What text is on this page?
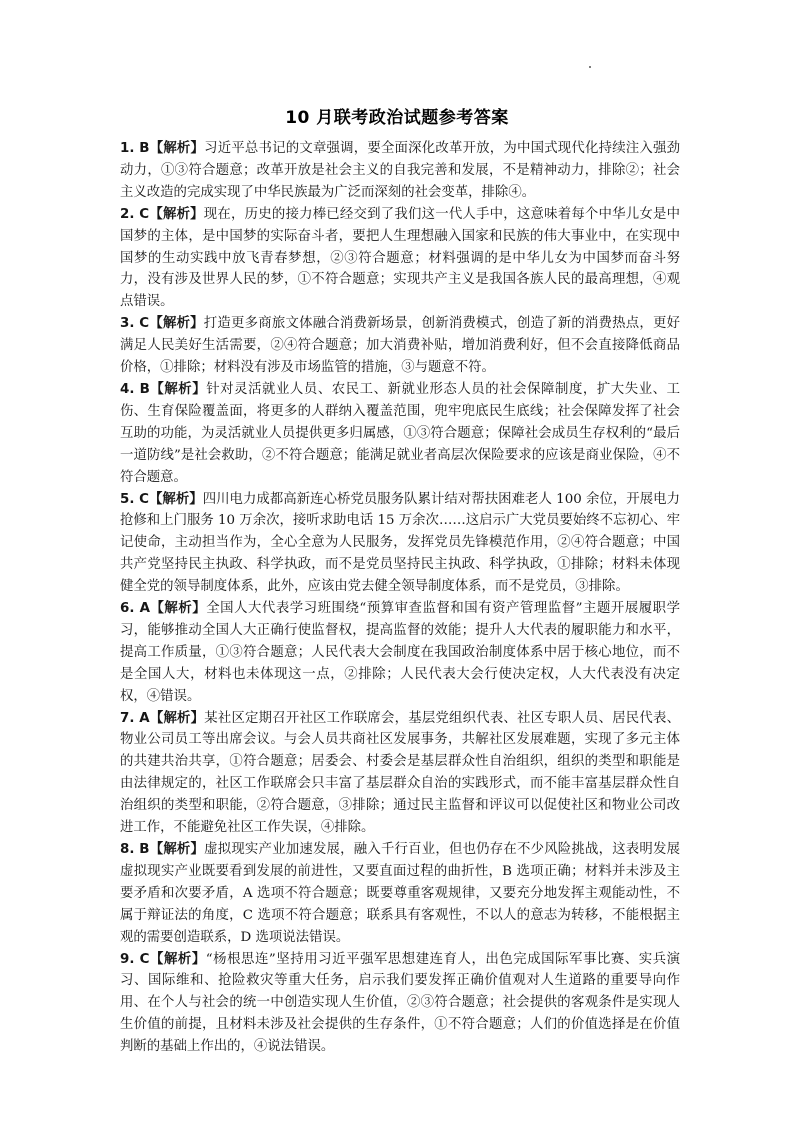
10 月联考政治试题参考答案

1. B【解析】习近平总书记的文章强调，要全面深化改革开放，为中国式现代化持续注入强劲动力，①③符合题意；改革开放是社会主义的自我完善和发展，不是精神动力，排除②；社会主义改造的完成实现了中华民族最为广泛而深刻的社会变革，排除④。

2. C【解析】现在，历史的接力棒已经交到了我们这一代人手中，这意味着每个中华儿女是中国梦的主体，是中国梦的实际奋斗者，要把人生理想融入国家和民族的伟大事业中，在实现中国梦的生动实践中放飞青春梦想，②③符合题意；材料强调的是中华儿女为中国梦而奋斗努力，没有涉及世界人民的梦，①不符合题意；实现共产主义是我国各族人民的最高理想，④观点错误。

3. C【解析】打造更多商旅文体融合消费新场景，创新消费模式，创造了新的消费热点，更好满足人民美好生活需要，②④符合题意；加大消费补贴，增加消费利好，但不会直接降低商品价格，①排除；材料没有涉及市场监管的措施，③与题意不符。

4. B【解析】针对灵活就业人员、农民工、新就业形态人员的社会保障制度，扩大失业、工伤、生育保险覆盖面，将更多的人群纳入覆盖范围，兜牢兜底民生底线；社会保障发挥了社会互助的功能，为灵活就业人员提供更多归属感，①③符合题意；保障社会成员生存权利的“最后一道防线”是社会救助，②不符合题意；能满足就业者高层次保险要求的应该是商业保险，④不符合题意。

5. C【解析】四川电力成都高新连心桥党员服务队累计结对帮扶困难老人 100 余位，开展电力抢修和上门服务 10 万余次，接听求助电话 15 万余次……这启示广大党员要始终不忘初心、牢记使命，主动担当作为，全心全意为人民服务，发挥党员先锋模范作用，②④符合题意；中国共产党坚持民主执政、科学执政，而不是党员坚持民主执政、科学执政，①排除；材料未体现健全党的领导制度体系，此外，应该由党去健全领导制度体系，而不是党员，③排除。

6. A【解析】全国人大代表学习班围绕“预算审查监督和国有资产管理监督”主题开展履职学习，能够推动全国人大正确行使监督权，提高监督的效能；提升人大代表的履职能力和水平，提高工作质量，①③符合题意；人民代表大会制度在我国政治制度体系中居于核心地位，而不是全国人大，材料也未体现这一点，②排除；人民代表大会行使决定权，人大代表没有决定权，④错误。

7. A【解析】某社区定期召开社区工作联席会，基层党组织代表、社区专职人员、居民代表、物业公司员工等出席会议。与会人员共商社区发展事务，共解社区发展难题，实现了多元主体的共建共治共享，①符合题意；居委会、村委会是基层群众性自治组织，组织的类型和职能是由法律规定的，社区工作联席会只丰富了基层群众自治的实践形式，而不能丰富基层群众性自治组织的类型和职能，②符合题意，③排除；通过民主监督和评议可以促使社区和物业公司改进工作，不能避免社区工作失误，④排除。

8. B【解析】虚拟现实产业加速发展，融入千行百业，但也仍存在不少风险挑战，这表明发展虚拟现实产业既要看到发展的前进性，又要直面过程的曲折性，B 选项正确；材料并未涉及主要矛盾和次要矛盾，A 选项不符合题意；既要尊重客观规律，又要充分地发挥主观能动性，不属于辩证法的角度，C 选项不符合题意；联系具有客观性，不以人的意志为转移，不能根据主观的需要创造联系，D 选项说法错误。

9. C【解析】“杨根思连”坚持用习近平强军思想建连育人，出色完成国际军事比赛、实兵演习、国际维和、抢险救灾等重大任务，启示我们要发挥正确价值观对人生道路的重要导向作用、在个人与社会的统一中创造实现人生价值，②③符合题意；社会提供的客观条件是实现人生价值的前提，且材料未涉及社会提供的生存条件，①不符合题意；人们的价值选择是在价值判断的基础上作出的，④说法错误。
